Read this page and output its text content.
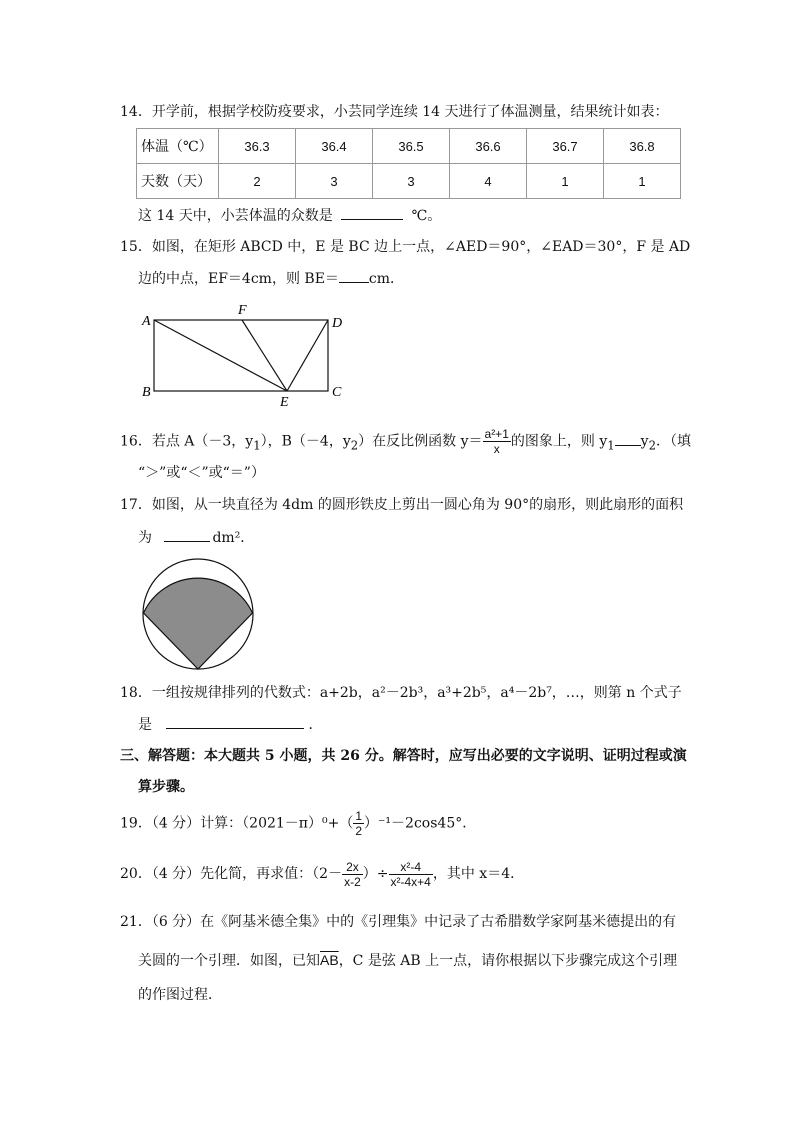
14．开学前，根据学校防疫要求，小芸同学连续 14 天进行了体温测量，结果统计如表：
体温（℃）	36.3	36.4	36.5	36.6	36.7	36.8
天数（天）	2	3	3	4	1	1
这 14 天中，小芸体温的众数是	℃。
15．如图，在矩形 ABCD 中，E 是 BC 边上一点，∠AED＝90°，∠EAD＝30°，F 是 AD
边的中点，EF＝4cm，则 BE＝ cm．
A
F
D
B	C
E
16．若点 A（－3，$y_1$），B（－4，$y_2$）在反比例函数 $y= \frac{\text{a²+1}}{x}$ 的图象上，则 $y_1$ $y_2$．（填
“＞”或“＜”或“＝”）
17．如图，从一块直径为 4dm 的圆形铁皮上剪出一圆心角为 90°的扇形，则此扇形的面积
为	dm²．
18．一组按规律排列的代数式：a+2b，a²－2b³，a³+2b⁵，a⁴－2b⁷，…，则第 n 个式子
是	．
三、解答题：本大题共 5 小题，共 26 分。解答时，应写出必要的文字说明、证明过程或演
算步骤。
19．（4 分）计算：$(2021-\pi)^0+( \frac{1}{2} )^{-1}-2\cos 45^\circ$．
20．（4 分）先化简，再求值：（$2- \frac{2x}{x-2}$ ）÷ $\frac{\text{x²-4}}{\text{x²-4x+4}}$ ，其中 x＝4．
21．（6 分）在《阿基米德全集》中的《引理集》中记录了古希腊数学家阿基米德提出的有
关圆的一个引理．如图，已知$\overline{AB}$，C 是弦 AB 上一点，请你根据以下步骤完成这个引理
的作图过程．
